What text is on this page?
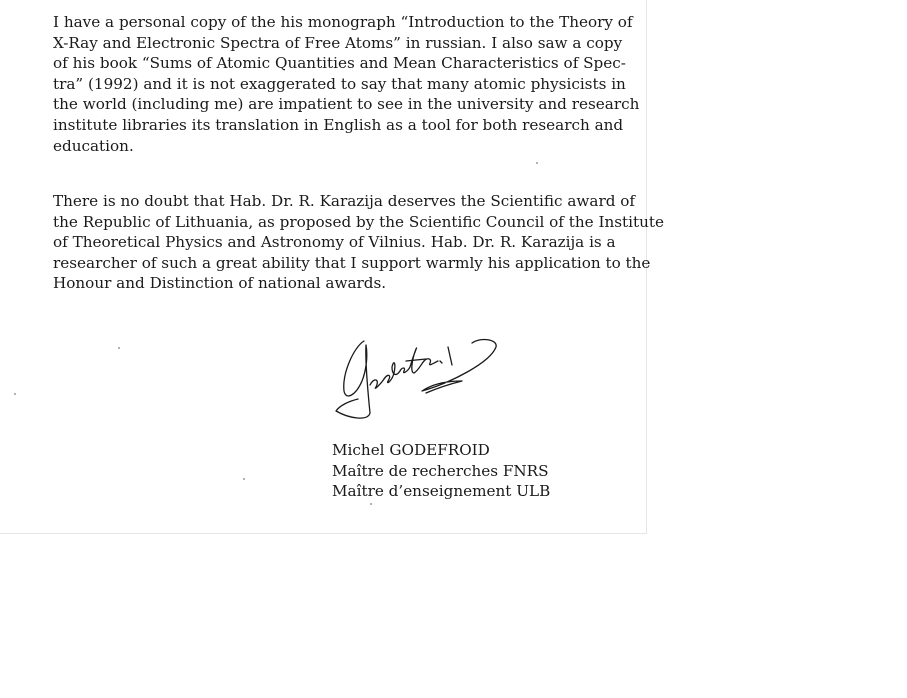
I have a personal copy of the his monograph “Introduction to the Theory of
X-Ray and Electronic Spectra of Free Atoms” in russian. I also saw a copy
of his book “Sums of Atomic Quantities and Mean Characteristics of Spec-
tra” (1992) and it is not exaggerated to say that many atomic physicists in
the world (including me) are impatient to see in the university and research
institute libraries its translation in English as a tool for both research and
education.

There is no doubt that Hab. Dr. R. Karazija deserves the Scientific award of
the Republic of Lithuania, as proposed by the Scientific Council of the Institute
of Theoretical Physics and Astronomy of Vilnius. Hab. Dr. R. Karazija is a
researcher of such a great ability that I support warmly his application to the
Honour and Distinction of national awards.

Michel GODEFROID
Maître de recherches FNRS
Maître d’enseignement ULB
